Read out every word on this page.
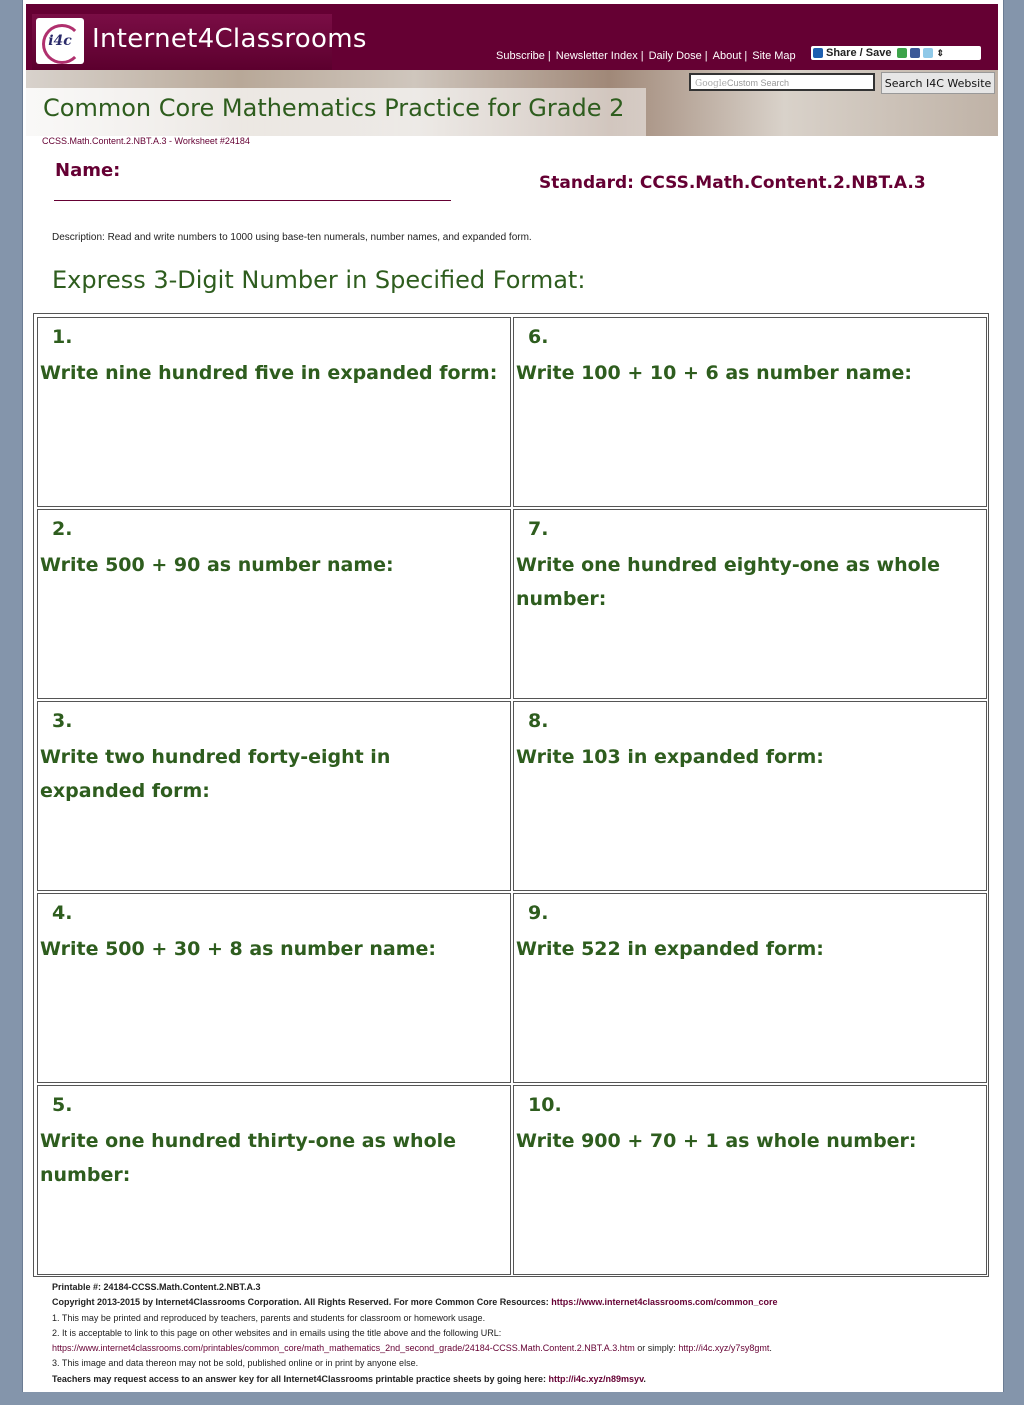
i4c Internet4Classrooms
Subscribe | Newsletter Index | Daily Dose | About | Site Map	Share / Save	⇕
GoogleCustom Search	Search I4C Website
Common Core Mathematics Practice for Grade 2
CCSS.Math.Content.2.NBT.A.3 - Worksheet #24184
Name:
Standard: CCSS.Math.Content.2.NBT.A.3
Description: Read and write numbers to 1000 using base-ten numerals, number names, and expanded form.
Express 3-Digit Number in Specified Format:
1.
Write nine hundred five in expanded form:
2.
Write 500 + 90 as number name:
3.
Write two hundred forty-eight in expanded form:
4.
Write 500 + 30 + 8 as number name:
5.
Write one hundred thirty-one as whole number:
6.
Write 100 + 10 + 6 as number name:
7.
Write one hundred eighty-one as whole number:
8.
Write 103 in expanded form:
9.
Write 522 in expanded form:
10.
Write 900 + 70 + 1 as whole number:
Printable #: 24184-CCSS.Math.Content.2.NBT.A.3
Copyright 2013-2015 by Internet4Classrooms Corporation. All Rights Reserved. For more Common Core Resources: https://www.internet4classrooms.com/common_core
1. This may be printed and reproduced by teachers, parents and students for classroom or homework usage.
2. It is acceptable to link to this page on other websites and in emails using the title above and the following URL:
https://www.internet4classrooms.com/printables/common_core/math_mathematics_2nd_second_grade/24184-CCSS.Math.Content.2.NBT.A.3.htm or simply: http://i4c.xyz/y7sy8gmt.
3. This image and data thereon may not be sold, published online or in print by anyone else.
Teachers may request access to an answer key for all Internet4Classrooms printable practice sheets by going here: http://i4c.xyz/n89msyv.
